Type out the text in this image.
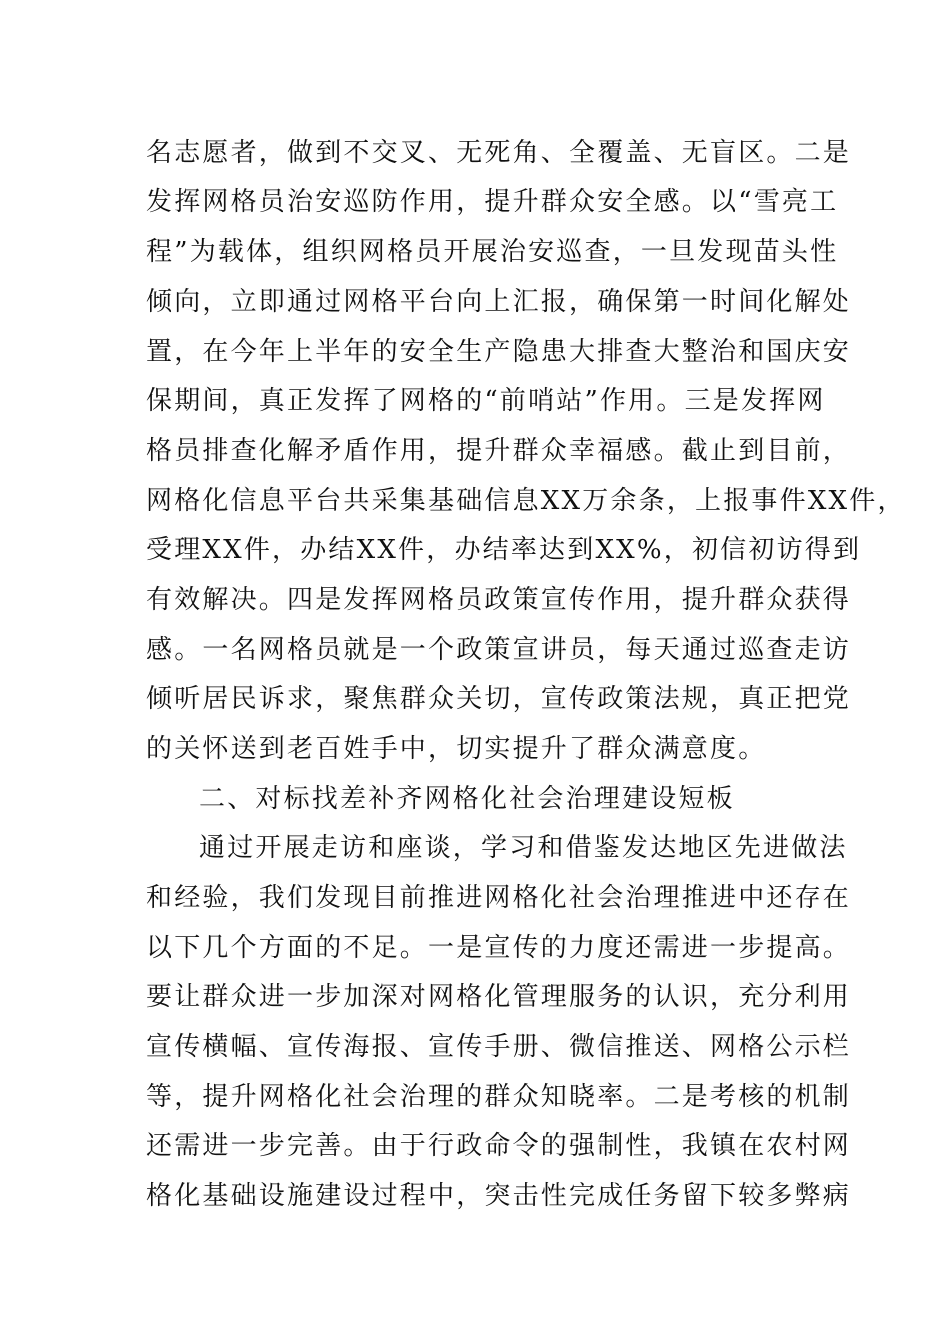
名志愿者，做到不交叉、无死角、全覆盖、无盲区。二是
发挥网格员治安巡防作用，提升群众安全感。以“雪亮工
程”为载体，组织网格员开展治安巡查，一旦发现苗头性
倾向，立即通过网格平台向上汇报，确保第一时间化解处
置，在今年上半年的安全生产隐患大排查大整治和国庆安
保期间，真正发挥了网格的“前哨站”作用。三是发挥网
格员排查化解矛盾作用，提升群众幸福感。截止到目前，
网格化信息平台共采集基础信息XX万余条，上报事件XX件，
受理XX件，办结XX件，办结率达到XX%，初信初访得到
有效解决。四是发挥网格员政策宣传作用，提升群众获得
感。一名网格员就是一个政策宣讲员，每天通过巡查走访
倾听居民诉求，聚焦群众关切，宣传政策法规，真正把党
的关怀送到老百姓手中，切实提升了群众满意度。
二、对标找差补齐网格化社会治理建设短板
通过开展走访和座谈，学习和借鉴发达地区先进做法
和经验，我们发现目前推进网格化社会治理推进中还存在
以下几个方面的不足。一是宣传的力度还需进一步提高。
要让群众进一步加深对网格化管理服务的认识，充分利用
宣传横幅、宣传海报、宣传手册、微信推送、网格公示栏
等，提升网格化社会治理的群众知晓率。二是考核的机制
还需进一步完善。由于行政命令的强制性，我镇在农村网
格化基础设施建设过程中，突击性完成任务留下较多弊病
